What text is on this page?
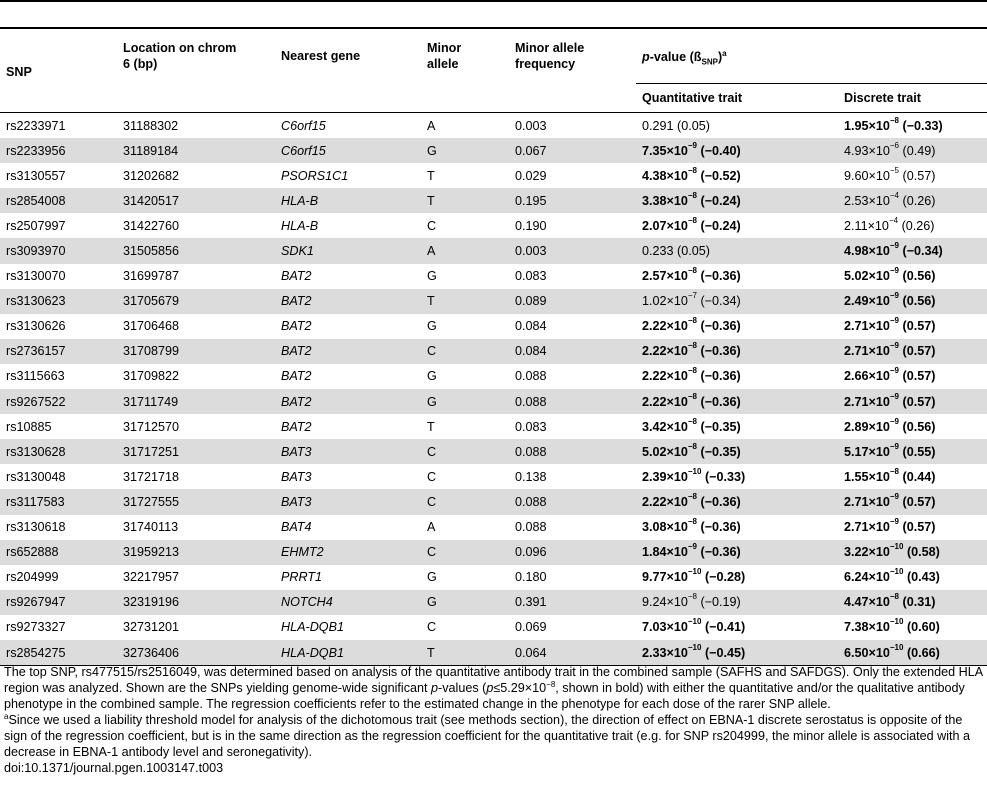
SNP	Location on chrom 6 (bp)	Nearest gene	Minor allele	Minor allele frequency	p-value $(ß_{SNP})^a$
					Quantitative trait	Discrete trait
rs2233971	31188302	C6orf15	A	0.003	0.291 (0.05)	$1.95\times 10^{-8}$ (−0.33)
rs2233956	31189184	C6orf15	G	0.067	$7.35\times 10^{-9}$ (−0.40)	$4.93\times 10^{-6}$ (0.49)
rs3130557	31202682	PSORS1C1	T	0.029	$4.38\times 10^{-8}$ (−0.52)	$9.60\times 10^{-5}$ (0.57)
rs2854008	31420517	HLA-B	T	0.195	$3.38\times 10^{-8}$ (−0.24)	$2.53\times 10^{-4}$ (0.26)
rs2507997	31422760	HLA-B	C	0.190	$2.07\times 10^{-8}$ (−0.24)	$2.11\times 10^{-4}$ (0.26)
rs3093970	31505856	SDK1	A	0.003	0.233 (0.05)	$4.98\times 10^{-9}$ (−0.34)
rs3130070	31699787	BAT2	G	0.083	$2.57\times 10^{-8}$ (−0.36)	$5.02\times 10^{-9}$ (0.56)
rs3130623	31705679	BAT2	T	0.089	$1.02\times 10^{-7}$ (−0.34)	$2.49\times 10^{-9}$ (0.56)
rs3130626	31706468	BAT2	G	0.084	$2.22\times 10^{-8}$ (−0.36)	$2.71\times 10^{-9}$ (0.57)
rs2736157	31708799	BAT2	C	0.084	$2.22\times 10^{-8}$ (−0.36)	$2.71\times 10^{-9}$ (0.57)
rs3115663	31709822	BAT2	G	0.088	$2.22\times 10^{-8}$ (−0.36)	$2.66\times 10^{-9}$ (0.57)
rs9267522	31711749	BAT2	G	0.088	$2.22\times 10^{-8}$ (−0.36)	$2.71\times 10^{-9}$ (0.57)
rs10885	31712570	BAT2	T	0.083	$3.42\times 10^{-8}$ (−0.35)	$2.89\times 10^{-9}$ (0.56)
rs3130628	31717251	BAT3	C	0.088	$5.02\times 10^{-8}$ (−0.35)	$5.17\times 10^{-9}$ (0.55)
rs3130048	31721718	BAT3	C	0.138	$2.39\times 10^{-10}$ (−0.33)	$1.55\times 10^{-8}$ (0.44)
rs3117583	31727555	BAT3	C	0.088	$2.22\times 10^{-8}$ (−0.36)	$2.71\times 10^{-9}$ (0.57)
rs3130618	31740113	BAT4	A	0.088	$3.08\times 10^{-8}$ (−0.36)	$2.71\times 10^{-9}$ (0.57)
rs652888	31959213	EHMT2	C	0.096	$1.84\times 10^{-9}$ (−0.36)	$3.22\times 10^{-10}$ (0.58)
rs204999	32217957	PRRT1	G	0.180	$9.77\times 10^{-10}$ (−0.28)	$6.24\times 10^{-10}$ (0.43)
rs9267947	32319196	NOTCH4	G	0.391	$9.24\times 10^{-8}$ (−0.19)	$4.47\times 10^{-8}$ (0.31)
rs9273327	32731201	HLA-DQB1	C	0.069	$7.03\times 10^{-10}$ (−0.41)	$7.38\times 10^{-10}$ (0.60)
rs2854275	32736406	HLA-DQB1	T	0.064	$2.33\times 10^{-10}$ (−0.45)	$6.50\times 10^{-10}$ (0.66)

The top SNP, rs477515/rs2516049, was determined based on analysis of the quantitative antibody trait in the combined sample (SAFHS and SAFDGS). Only the extended HLA region was analyzed. Shown are the SNPs yielding genome-wide significant p-values ($p\le 5.29\times 10^{-8}$, shown in bold) with either the quantitative and/or the qualitative antibody phenotype in the combined sample. The regression coefficients refer to the estimated change in the phenotype for each dose of the rarer SNP allele.

$^a$Since we used a liability threshold model for analysis of the dichotomous trait (see methods section), the direction of effect on EBNA-1 discrete serostatus is opposite of the sign of the regression coefficient, but is in the same direction as the regression coefficient for the quantitative trait (e.g. for SNP rs204999, the minor allele is associated with a decrease in EBNA-1 antibody level and seronegativity).

doi:10.1371/journal.pgen.1003147.t003
